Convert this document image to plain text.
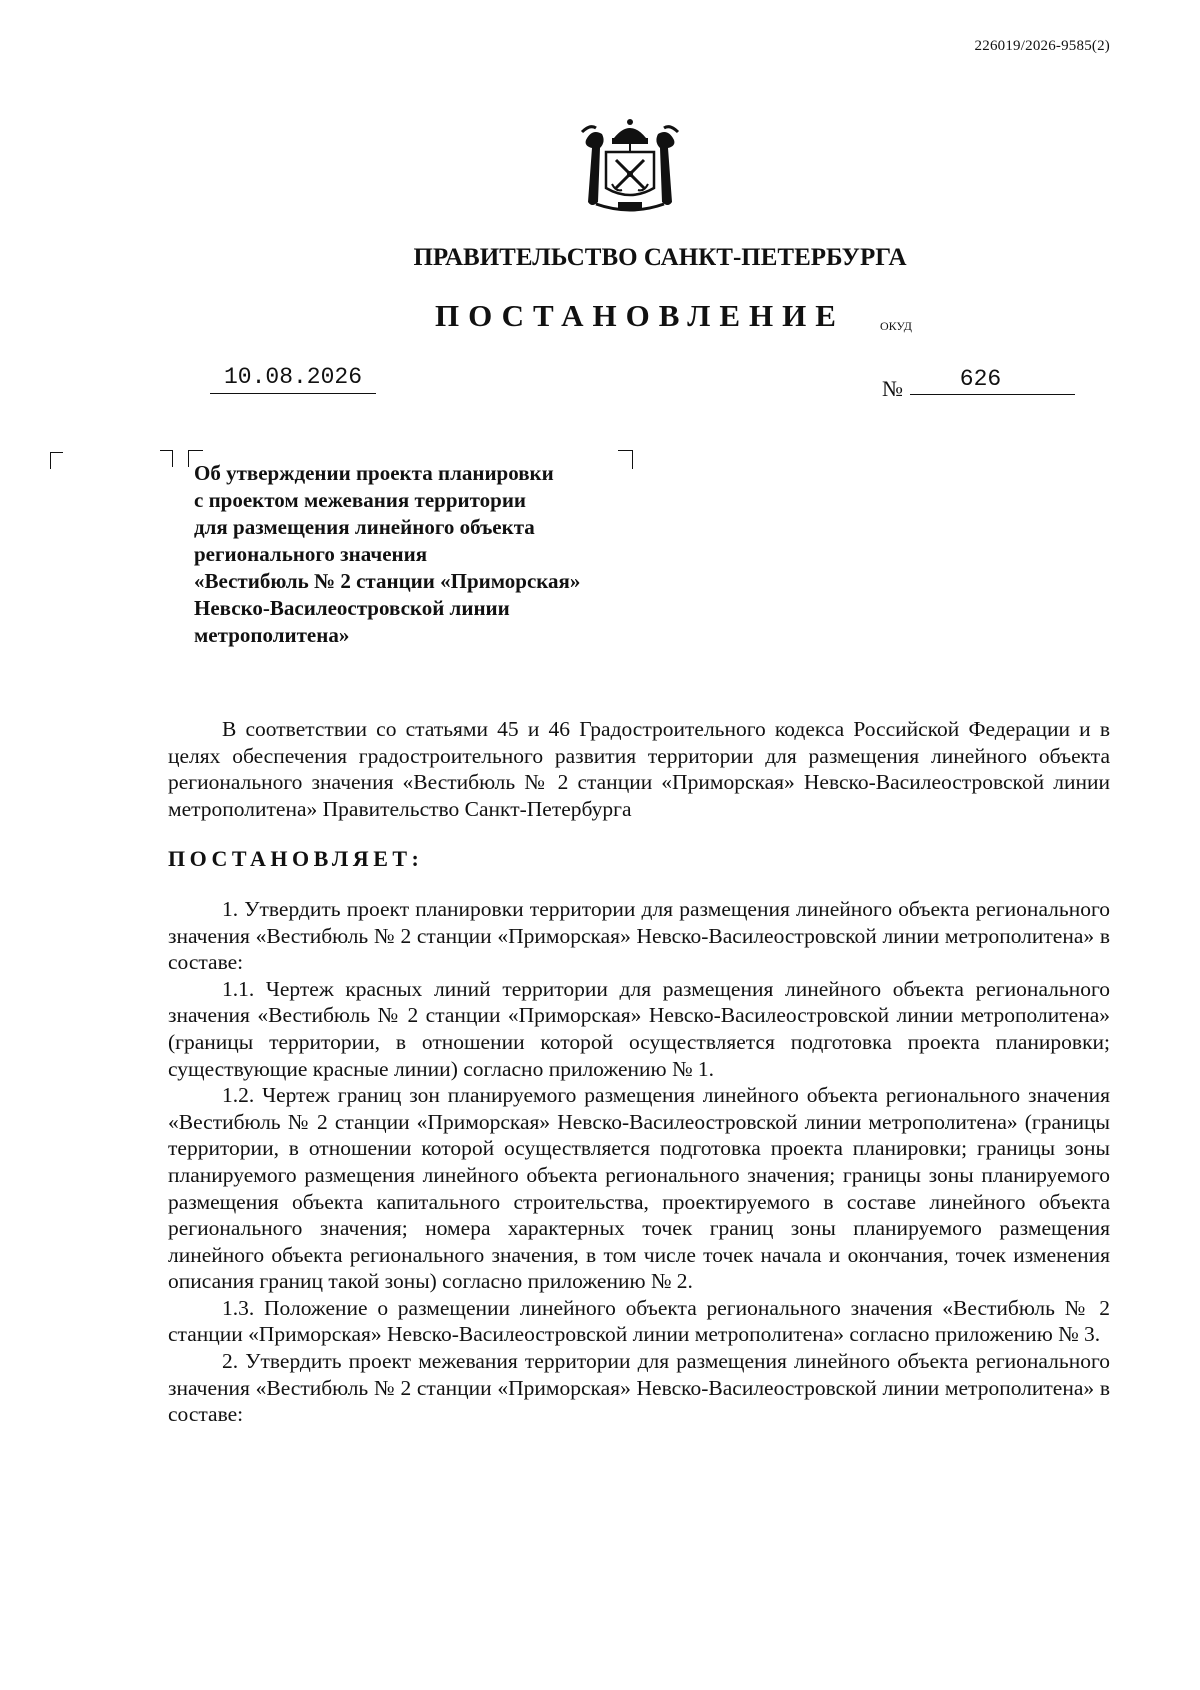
226019/2026-9585(2)
ПРАВИТЕЛЬСТВО САНКТ-ПЕТЕРБУРГА
ПОСТАНОВЛЕНИЕ	ОКУД
10.08.2026	№	626
Об утверждении проекта планировки
с проектом межевания территории
для размещения линейного объекта
регионального значения
«Вестибюль № 2 станции «Приморская»
Невско-Василеостровской линии
метрополитена»

В соответствии со статьями 45 и 46 Градостроительного кодекса Российской Федерации и в целях обеспечения градостроительного развития территории для размещения линейного объекта регионального значения «Вестибюль № 2 станции «Приморская» Невско-Василеостровской линии метрополитена» Правительство Санкт-Петербурга

ПОСТАНОВЛЯЕТ:

1. Утвердить проект планировки территории для размещения линейного объекта регионального значения «Вестибюль № 2 станции «Приморская» Невско-Василеостровской линии метрополитена» в составе:

1.1. Чертеж красных линий территории для размещения линейного объекта регионального значения «Вестибюль № 2 станции «Приморская» Невско-Василеостровской линии метрополитена» (границы территории, в отношении которой осуществляется подготовка проекта планировки; существующие красные линии) согласно приложению № 1.

1.2. Чертеж границ зон планируемого размещения линейного объекта регионального значения «Вестибюль № 2 станции «Приморская» Невско-Василеостровской линии метрополитена» (границы территории, в отношении которой осуществляется подготовка проекта планировки; границы зоны планируемого размещения линейного объекта регионального значения; границы зоны планируемого размещения объекта капитального строительства, проектируемого в составе линейного объекта регионального значения; номера характерных точек границ зоны планируемого размещения линейного объекта регионального значения, в том числе точек начала и окончания, точек изменения описания границ такой зоны) согласно приложению № 2.

1.3. Положение о размещении линейного объекта регионального значения «Вестибюль № 2 станции «Приморская» Невско-Василеостровской линии метрополитена» согласно приложению № 3.

2. Утвердить проект межевания территории для размещения линейного объекта регионального значения «Вестибюль № 2 станции «Приморская» Невско-Василеостровской линии метрополитена» в составе:
